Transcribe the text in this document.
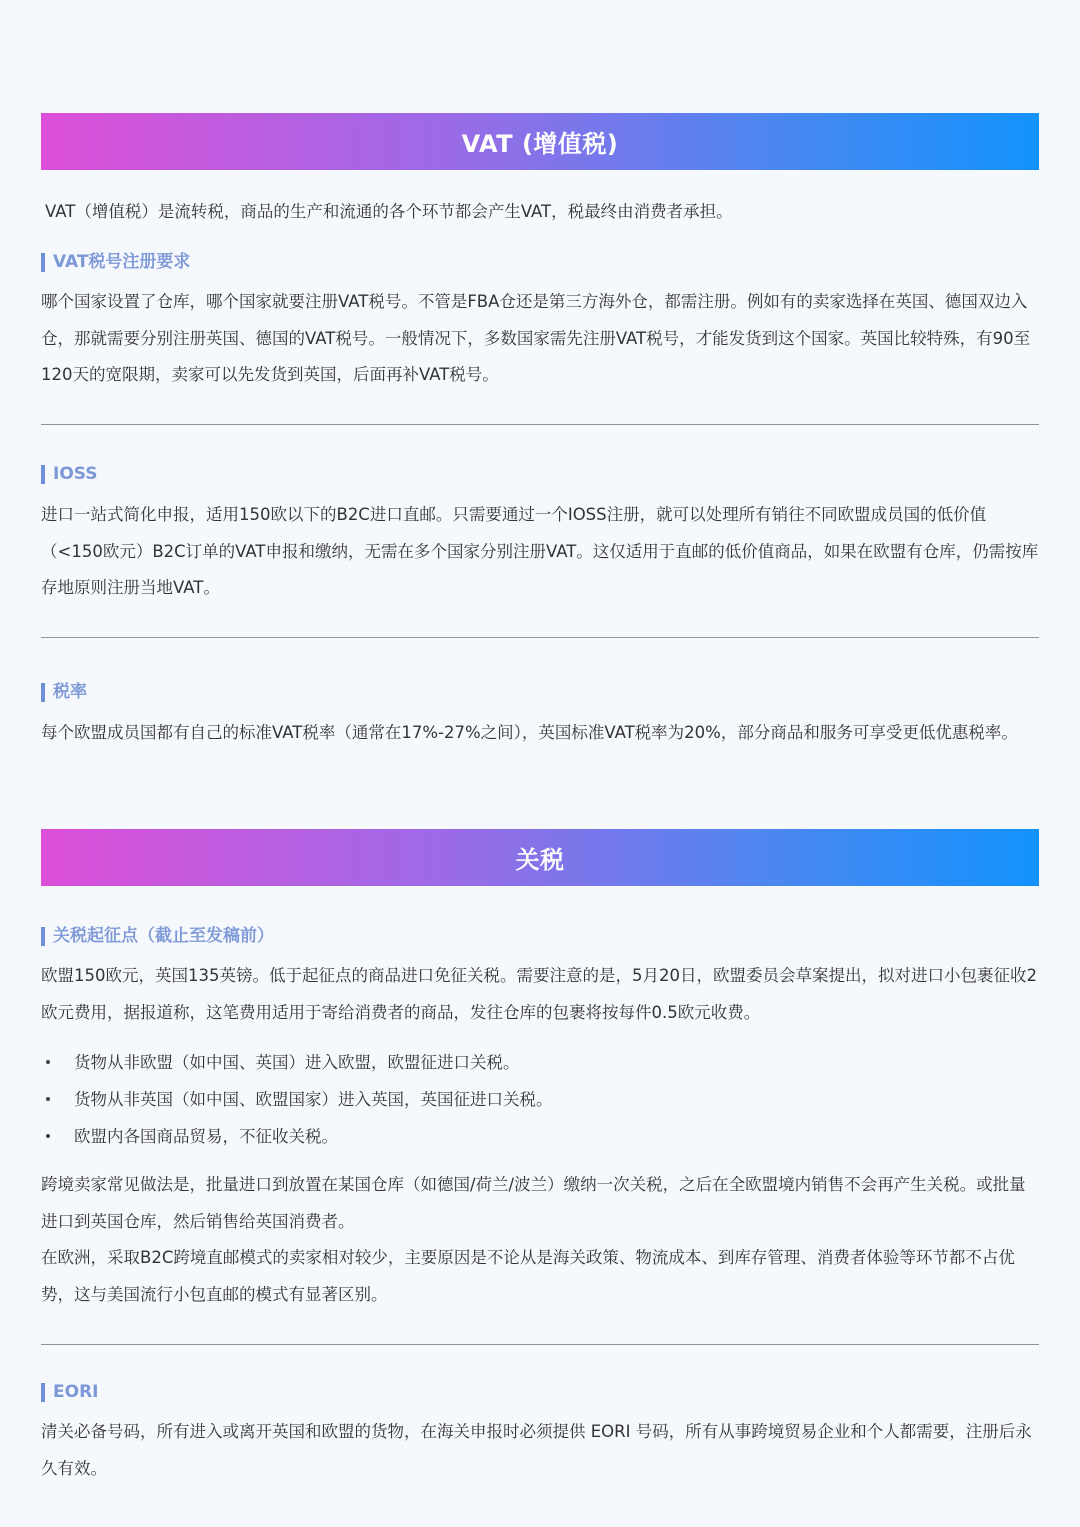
VAT (增值税)

VAT（增值税）是流转税，商品的生产和流通的各个环节都会产生VAT，税最终由消费者承担。

VAT税号注册要求

哪个国家设置了仓库，哪个国家就要注册VAT税号。不管是FBA仓还是第三方海外仓，都需注册。例如有的卖家选择在英国、德国双边入仓，那就需要分别注册英国、德国的VAT税号。一般情况下，多数国家需先注册VAT税号，才能发货到这个国家。英国比较特殊，有90至120天的宽限期，卖家可以先发货到英国，后面再补VAT税号。

IOSS

进口一站式简化申报，适用150欧以下的B2C进口直邮。只需要通过一个IOSS注册，就可以处理所有销往不同欧盟成员国的低价值（<150欧元）B2C订单的VAT申报和缴纳，无需在多个国家分别注册VAT。这仅适用于直邮的低价值商品，如果在欧盟有仓库，仍需按库存地原则注册当地VAT。

税率

每个欧盟成员国都有自己的标准VAT税率（通常在17%-27%之间），英国标准VAT税率为20%，部分商品和服务可享受更低优惠税率。

关税
关税起征点（截止至发稿前）

欧盟150欧元，英国135英镑。低于起征点的商品进口免征关税。需要注意的是，5月20日，欧盟委员会草案提出，拟对进口小包裹征收2欧元费用，据报道称，这笔费用适用于寄给消费者的商品，发往仓库的包裹将按每件0.5欧元收费。

货物从非欧盟（如中国、英国）进入欧盟，欧盟征进口关税。
货物从非英国（如中国、欧盟国家）进入英国，英国征进口关税。
欧盟内各国商品贸易，不征收关税。

跨境卖家常见做法是，批量进口到放置在某国仓库（如德国/荷兰/波兰）缴纳一次关税，之后在全欧盟境内销售不会再产生关税。或批量进口到英国仓库，然后销售给英国消费者。

在欧洲，采取B2C跨境直邮模式的卖家相对较少，主要原因是不论从是海关政策、物流成本、到库存管理、消费者体验等环节都不占优势，这与美国流行小包直邮的模式有显著区别。

EORI

清关必备号码，所有进入或离开英国和欧盟的货物，在海关申报时必须提供 EORI 号码，所有从事跨境贸易企业和个人都需要，注册后永久有效。
